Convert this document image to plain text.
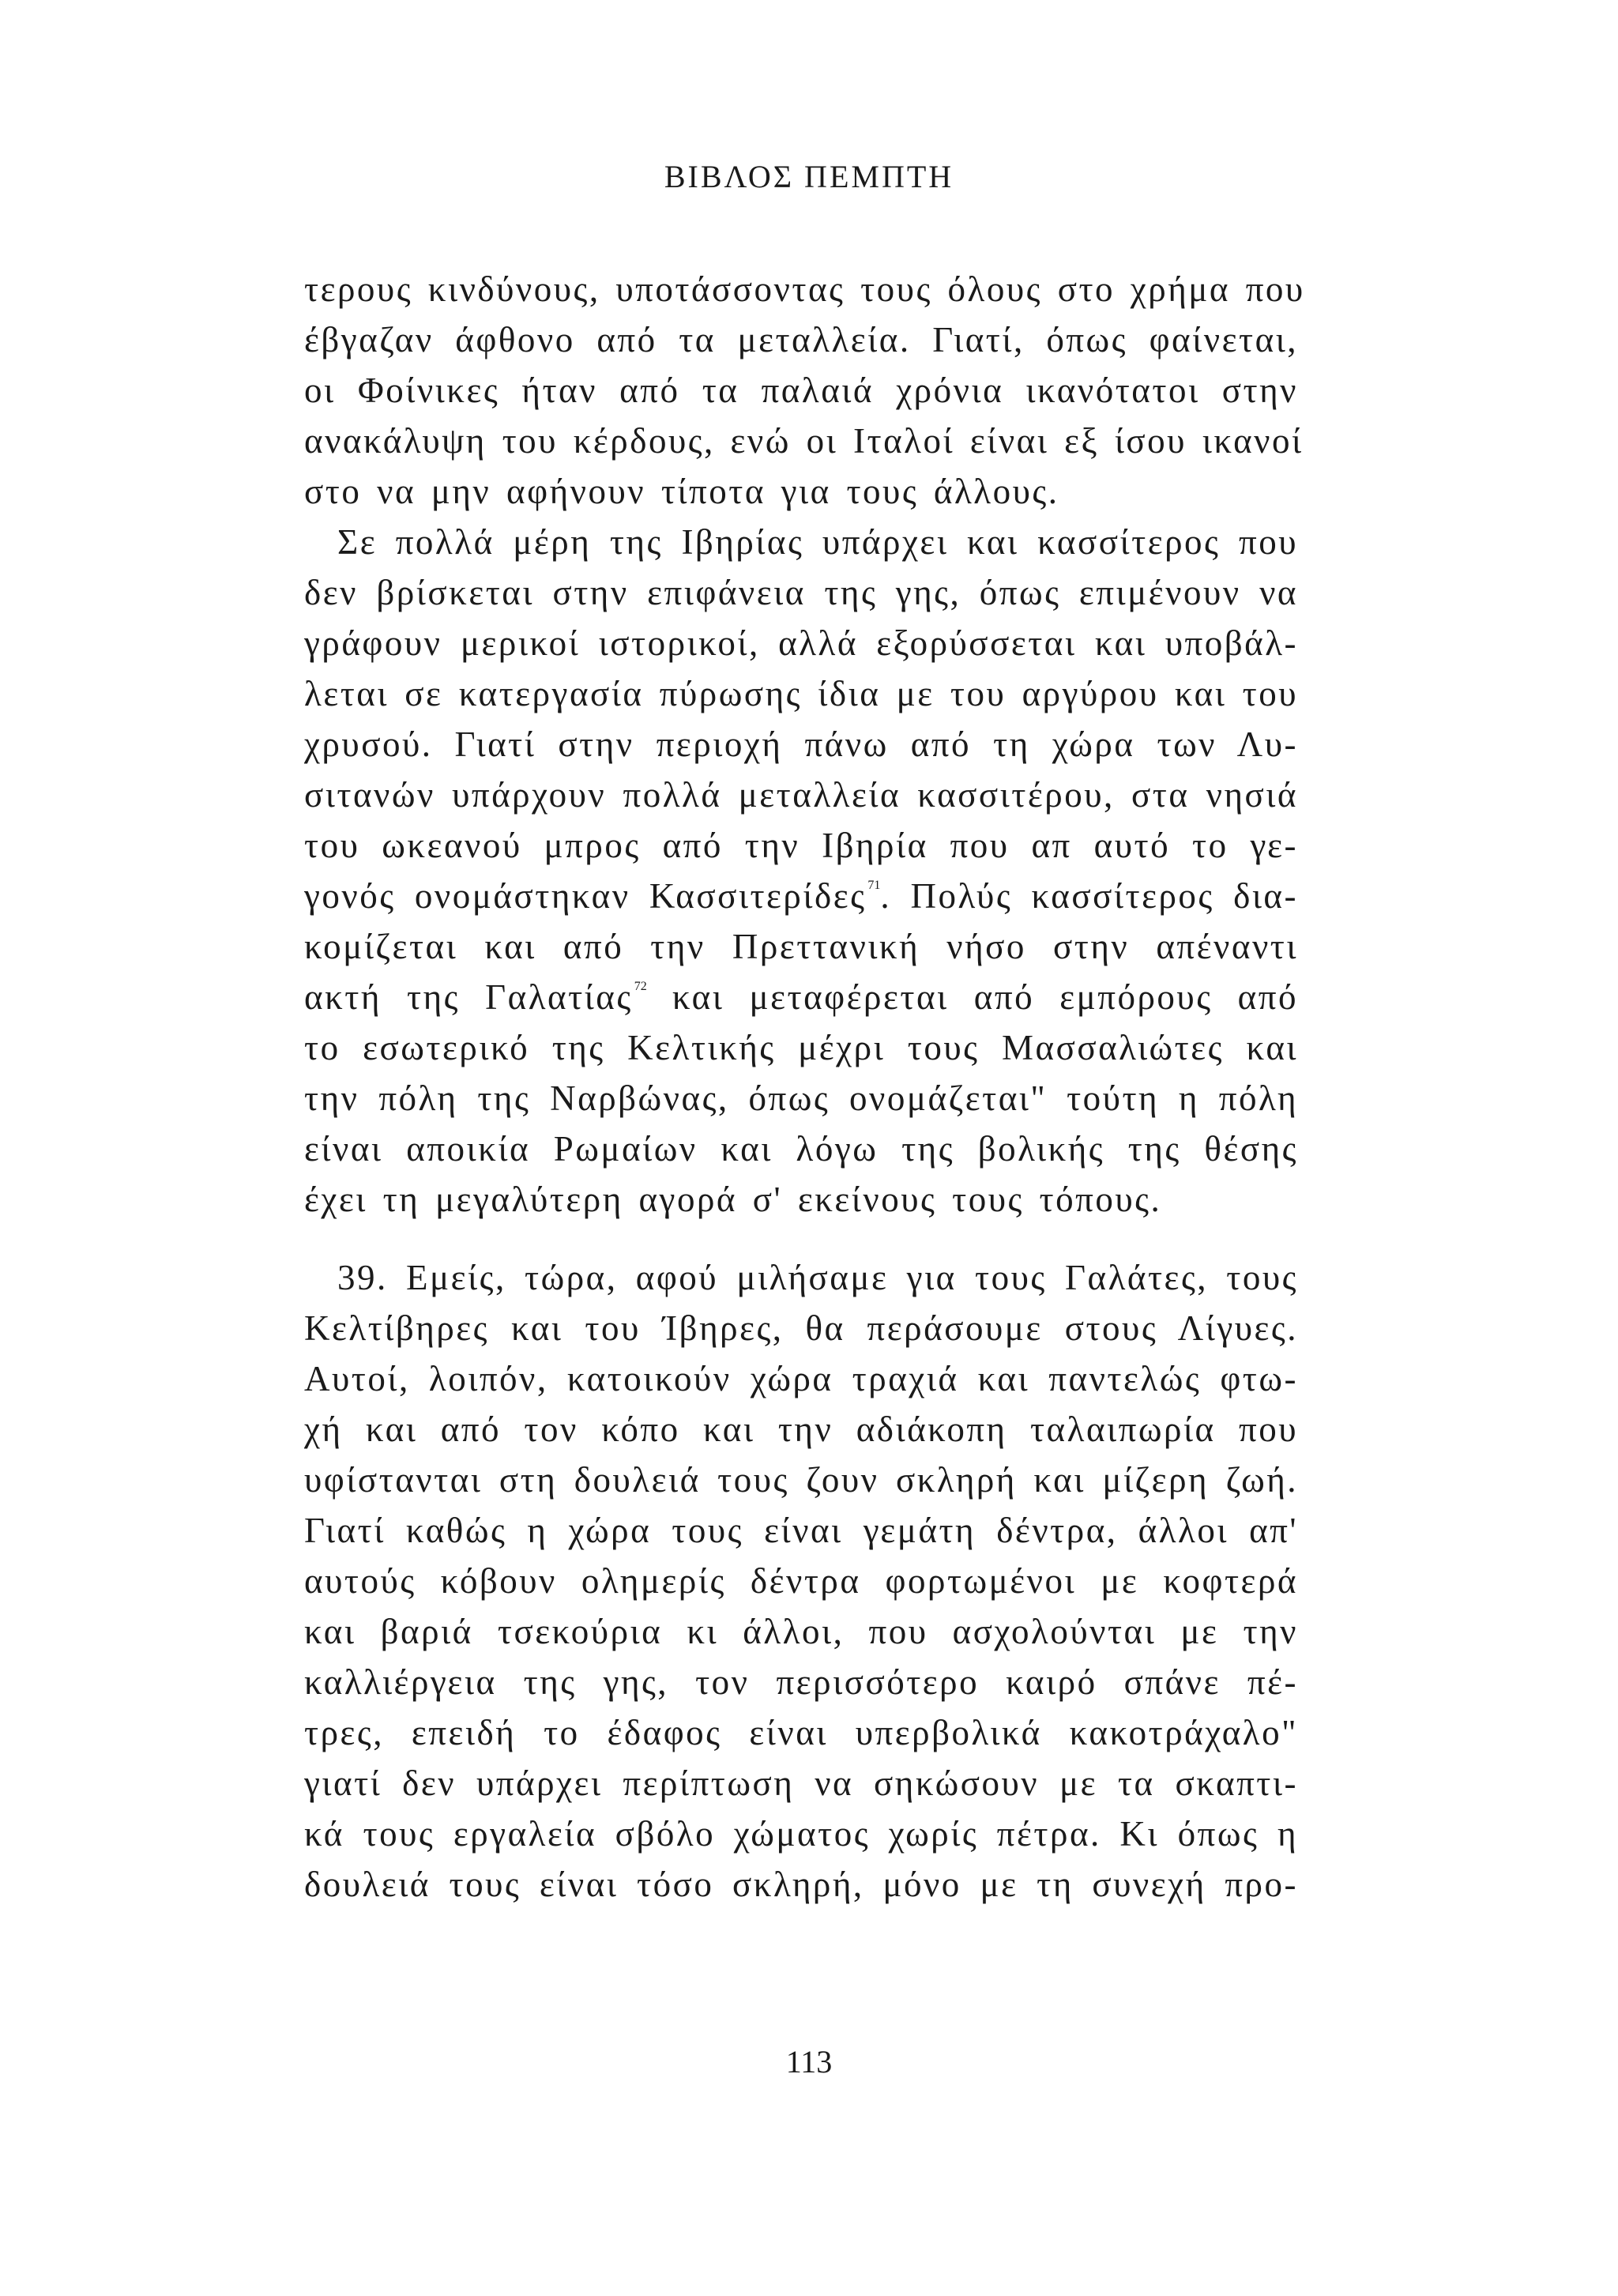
ΒΙΒΛΟΣ ΠΕΜΠΤΗ
τερους κινδύνους, υποτάσσοντας τους όλους στο χρήμα που
έβγαζαν άφθονο από τα μεταλλεία. Γιατί, όπως φαίνεται,
οι Φοίνικες ήταν από τα παλαιά χρόνια ικανότατοι στην
ανακάλυψη του κέρδους, ενώ οι Ιταλοί είναι εξ ίσου ικανοί
στο να μην αφήνουν τίποτα για τους άλλους.
Σε πολλά μέρη της Ιβηρίας υπάρχει και κασσίτερος που
δεν βρίσκεται στην επιφάνεια της γης, όπως επιμένουν να
γράφουν μερικοί ιστορικοί, αλλά εξορύσσεται και υποβάλ-
λεται σε κατεργασία πύρωσης ίδια με του αργύρου και του
χρυσού. Γιατί στην περιοχή πάνω από τη χώρα των Λυ-
σιτανών υπάρχουν πολλά μεταλλεία κασσιτέρου, στα νησιά
του ωκεανού μπρος από την Ιβηρία που απ αυτό το γε-
γονός ονομάστηκαν Κασσιτερίδες $^{71}$. Πολύς κασσίτερος δια-
κομίζεται και από την Πρεττανική νήσο στην απέναντι
ακτή της Γαλατίας $^{72}$ και μεταφέρεται από εμπόρους από
το εσωτερικό της Κελτικής μέχρι τους Μασσαλιώτες και
την πόλη της Ναρβώνας, όπως ονομάζεται" τούτη η πόλη
είναι αποικία Ρωμαίων και λόγω της βολικής της θέσης
έχει τη μεγαλύτερη αγορά σ' εκείνους τους τόπους.
39. Εμείς, τώρα, αφού μιλήσαμε για τους Γαλάτες, τους
Κελτίβηρες και του Ίβηρες, θα περάσουμε στους Λίγυες.
Αυτοί, λοιπόν, κατοικούν χώρα τραχιά και παντελώς φτω-
χή και από τον κόπο και την αδιάκοπη ταλαιπωρία που
υφίστανται στη δουλειά τους ζουν σκληρή και μίζερη ζωή.
Γιατί καθώς η χώρα τους είναι γεμάτη δέντρα, άλλοι απ'
αυτούς κόβουν ολημερίς δέντρα φορτωμένοι με κοφτερά
και βαριά τσεκούρια κι άλλοι, που ασχολούνται με την
καλλιέργεια της γης, τον περισσότερο καιρό σπάνε πέ-
τρες, επειδή το έδαφος είναι υπερβολικά κακοτράχαλο"
γιατί δεν υπάρχει περίπτωση να σηκώσουν με τα σκαπτι-
κά τους εργαλεία σβόλο χώματος χωρίς πέτρα. Κι όπως η
δουλειά τους είναι τόσο σκληρή, μόνο με τη συνεχή προ-
113
